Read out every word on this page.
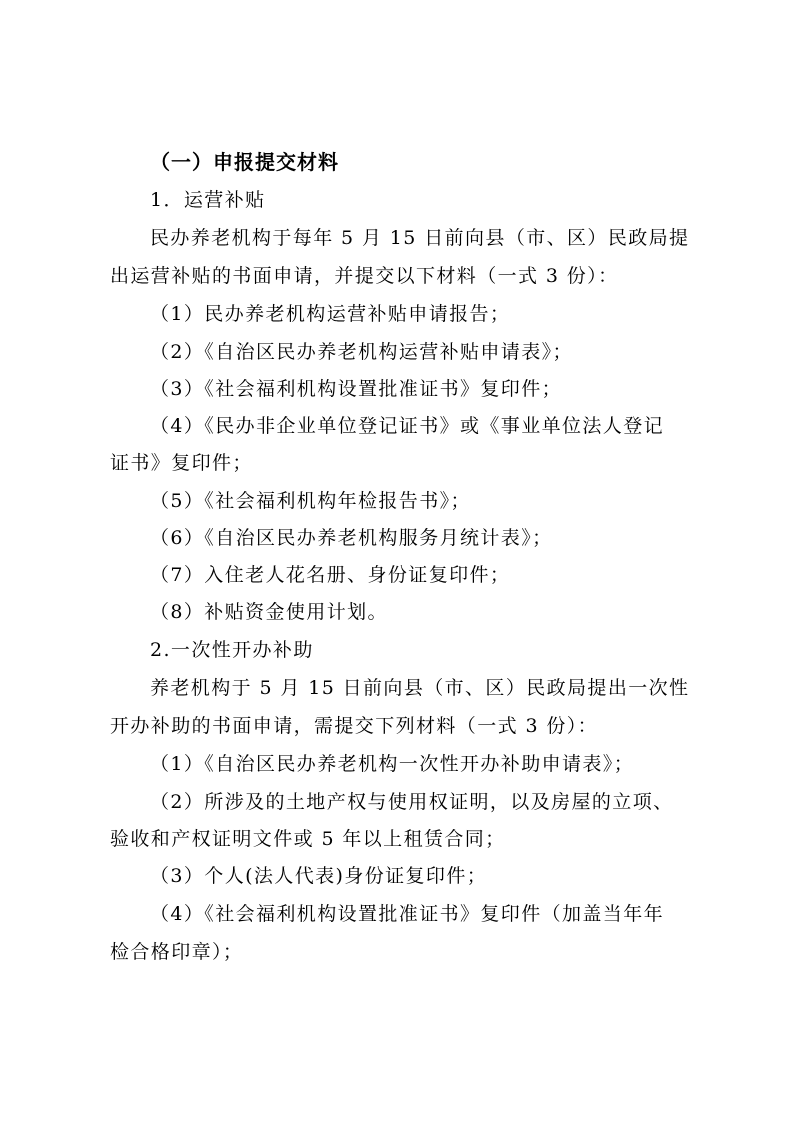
（一）申报提交材料
1．运营补贴
民办养老机构于每年 5 月 15 日前向县（市、区）民政局提
出运营补贴的书面申请，并提交以下材料（一式 3 份）：
（1）民办养老机构运营补贴申请报告；
（2）《自治区民办养老机构运营补贴申请表》；
（3）《社会福利机构设置批准证书》复印件；
（4）《民办非企业单位登记证书》或《事业单位法人登记
证书》复印件；
（5）《社会福利机构年检报告书》；
（6）《自治区民办养老机构服务月统计表》；
（7）入住老人花名册、身份证复印件；
（8）补贴资金使用计划。
2.一次性开办补助
养老机构于 5 月 15 日前向县（市、区）民政局提出一次性
开办补助的书面申请，需提交下列材料（一式 3 份）：
（1）《自治区民办养老机构一次性开办补助申请表》；
（2）所涉及的土地产权与使用权证明，以及房屋的立项、
验收和产权证明文件或 5 年以上租赁合同；
（3）个人(法人代表)身份证复印件；
（4）《社会福利机构设置批准证书》复印件（加盖当年年
检合格印章）；
